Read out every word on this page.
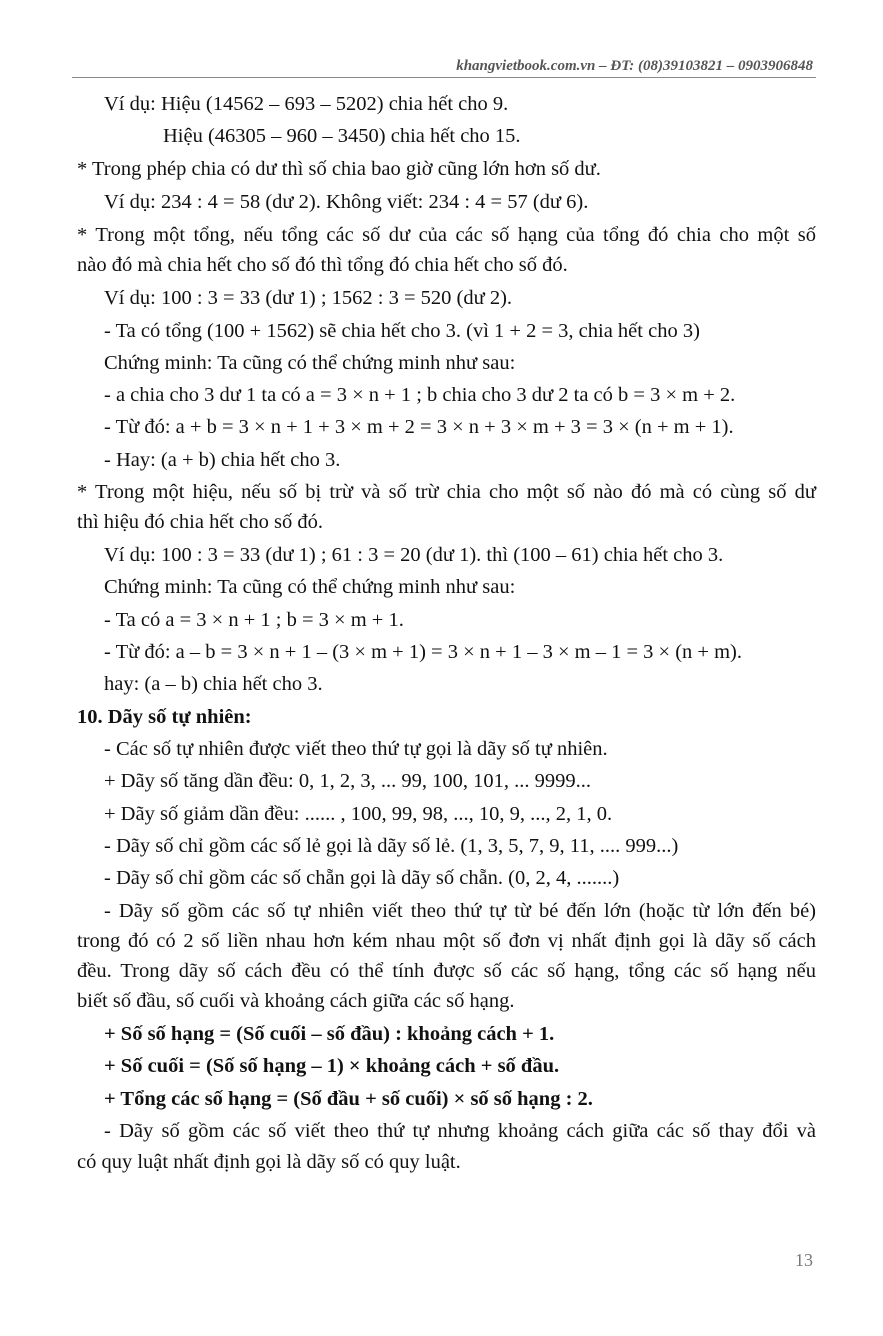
khangvietbook.com.vn – ĐT: (08)39103821 – 0903906848
Ví dụ: Hiệu (14562 – 693 – 5202) chia hết cho 9.
Hiệu (46305 – 960 – 3450) chia hết cho 15.
* Trong phép chia có dư thì số chia bao giờ cũng lớn hơn số dư.
Ví dụ: 234 : 4 = 58 (dư 2). Không viết: 234 : 4 = 57 (dư 6).
* Trong một tổng, nếu tổng các số dư của các số hạng của tổng đó chia cho một số
nào đó mà chia hết cho số đó thì tổng đó chia hết cho số đó.
Ví dụ: 100 : 3 = 33 (dư 1) ; 1562 : 3 = 520 (dư 2).
- Ta có tổng (100 + 1562) sẽ chia hết cho 3. (vì 1 + 2 = 3, chia hết cho 3)
Chứng minh: Ta cũng có thể chứng minh như sau:
- a chia cho 3 dư 1 ta có a = 3 × n + 1 ; b chia cho 3 dư 2 ta có b = 3 × m + 2.
- Từ đó: a + b = 3 × n + 1 + 3 × m + 2 = 3 × n + 3 × m + 3 = 3 × (n + m + 1).
- Hay: (a + b) chia hết cho 3.
* Trong một hiệu, nếu số bị trừ và số trừ chia cho một số nào đó mà có cùng số dư
thì hiệu đó chia hết cho số đó.
Ví dụ: 100 : 3 = 33 (dư 1) ; 61 : 3 = 20 (dư 1). thì (100 – 61) chia hết cho 3.
Chứng minh: Ta cũng có thể chứng minh như sau:
- Ta có a = 3 × n + 1 ; b = 3 × m + 1.
- Từ đó: a – b = 3 × n + 1 – (3 × m + 1) = 3 × n + 1 – 3 × m – 1 = 3 × (n + m).
hay: (a – b) chia hết cho 3.
10. Dãy số tự nhiên:
- Các số tự nhiên được viết theo thứ tự gọi là dãy số tự nhiên.
+ Dãy số tăng dần đều: 0, 1, 2, 3, ... 99, 100, 101, ... 9999...
+ Dãy số giảm dần đều: ...... , 100, 99, 98, ..., 10, 9, ..., 2, 1, 0.
- Dãy số chỉ gồm các số lẻ gọi là dãy số lẻ. (1, 3, 5, 7, 9, 11, .... 999...)
- Dãy số chỉ gồm các số chẵn gọi là dãy số chẵn. (0, 2, 4, .......)
- Dãy số gồm các số tự nhiên viết theo thứ tự từ bé đến lớn (hoặc từ lớn đến bé)
trong đó có 2 số liền nhau hơn kém nhau một số đơn vị nhất định gọi là dãy số cách
đều. Trong dãy số cách đều có thể tính được số các số hạng, tổng các số hạng nếu
biết số đầu, số cuối và khoảng cách giữa các số hạng.
+ Số số hạng = (Số cuối – số đầu) : khoảng cách + 1.
+ Số cuối = (Số số hạng – 1) × khoảng cách + số đầu.
+ Tổng các số hạng = (Số đầu + số cuối) × số số hạng : 2.
- Dãy số gồm các số viết theo thứ tự nhưng khoảng cách giữa các số thay đổi và
có quy luật nhất định gọi là dãy số có quy luật.
13
